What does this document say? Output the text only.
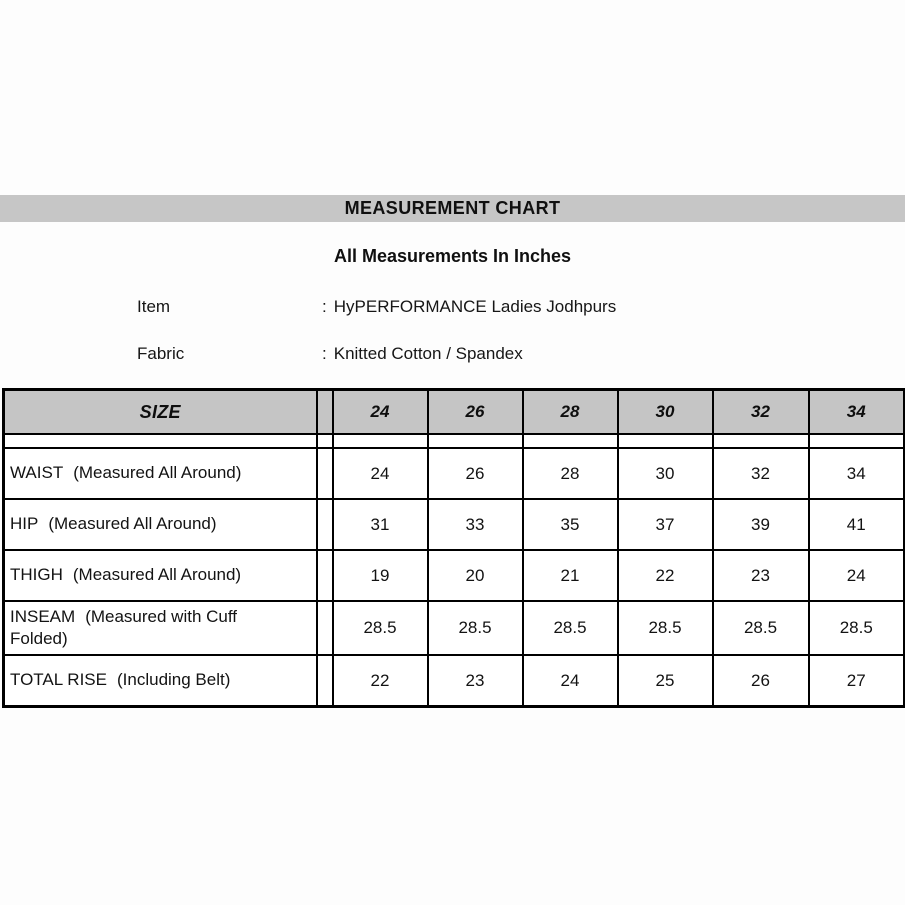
MEASUREMENT CHART
All Measurements In Inches
Item	: HyPERFORMANCE Ladies Jodhpurs
Fabric	: Knitted Cotton / Spandex
SIZE		24	26	28	30	32	34

WAIST (Measured All Around)		24	26	28	30	32	34
HIP (Measured All Around)		31	33	35	37	39	41
THIGH (Measured All Around)		19	20	21	22	23	24
INSEAM (Measured with Cuff Folded)		28.5	28.5	28.5	28.5	28.5	28.5
TOTAL RISE (Including Belt)		22	23	24	25	26	27
